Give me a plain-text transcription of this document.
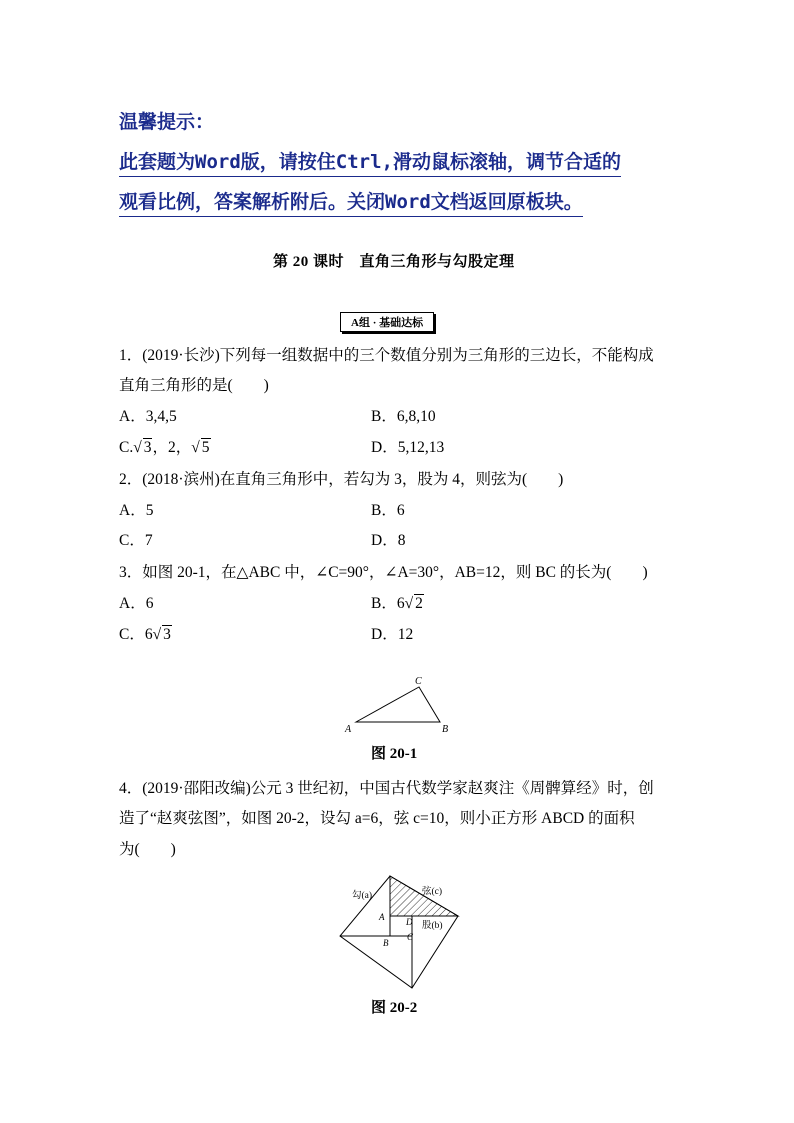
温馨提示：
此套题为Word版，请按住Ctrl,滑动鼠标滚轴，调节合适的
观看比例，答案解析附后。关闭Word文档返回原板块。
第 20 课时　直角三角形与勾股定理
A组 · 基础达标
1．(2019·长沙)下列每一组数据中的三个数值分别为三角形的三边长，不能构成
直角三角形的是(　　)
A．3,4,5	B．6,8,10
C.√ 3，2，√ 5	D．5,12,13
2．(2018·滨州)在直角三角形中，若勾为 3，股为 4，则弦为(　　)
A．5	B．6
C．7	D．8
3．如图 20-1，在△ABC 中，∠C=90°，∠A=30°，AB=12，则 BC 的长为(　　)
A．6	B．6√ 2
C．6√ 3	D．12
A	B
C
图 20-1
4．(2019·邵阳改编)公元 3 世纪初，中国古代数学家赵爽注《周髀算经》时，创
造了“赵爽弦图”，如图 20-2，设勾 a=6，弦 c=10，则小正方形 ABCD 的面积
为(　　)
勾(a)	弦(c)
股(b)
A
B
C
D
图 20-2
